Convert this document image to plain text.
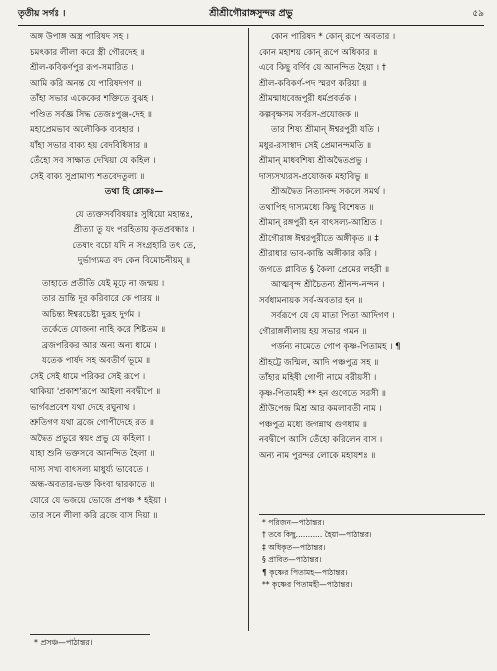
তৃতীয় সর্গঃ ।	শ্রীশ্রীগৌরাঙ্গসুন্দর প্রভু	৫৯
অঙ্গ উপাঙ্গ অস্ত্র পারিষদ সহ ।
চমৎকার লীলা করে স্ত্রী গৌরদেহ ॥
শ্রীল-কবিকর্ণপুর রূপ-সমারিত ।
আমি করি অনন্ত যে পারিষদগণ ॥
তাঁহা সভার একেকের শক্তিতে বুঝহ ।
পণ্ডিত সর্বজ্ঞ সিদ্ধ তেজঃপুঞ্জ-দেহ ॥
মহাপ্রেমভাব অলৌকিক ব্যবহার ।
যাঁহা সভার বাক্য হয় বেদবিধিসার ॥
তেঁহো সব সাক্ষাত দেখিয়া যে কহিল ।
সেই বাক্য সুপ্রামাণ্য শতবেদতুল্য ॥
তথা হি শ্লোকঃ—
যে ত্যক্তসর্ববিষয়াঃ সুধিয়ো মহান্তঃ,
প্রীত্যা তু যং পরহিতায় কৃতপ্রবন্ধাঃ ।
তেষাং বচো যদি ন সংগ্রহারি তৎ তে,
দুর্ভাগ্যমত্র বদ কেন বিমোচনীয়ম্ ॥
তাহাতে প্রতীতি যেই মূঢ়ে না জন্ময় ।
তার ভ্রান্তি দূর করিবারে কে পারয় ॥
অচিন্ত্য ঈশ্বরচেষ্টা দুরূহ দুর্গম ।
তর্কেতে যোজনা নাহি করে শিষ্টতম ॥
ব্রজপরিকর আর অন্য অন্য ধামে ।
যতেক পার্ষদ সহ অবতীর্ণ ভূমে ॥
সেই সেই ধামে পরিকর সেই রূপে ।
থাকিয়া 'প্রকাশ'রূপে আইলা নবদ্বীপে ॥
ভার্গবপ্রবেশ যথা দেহে রঘুনাথ ।
শ্রুতিগণ যথা ব্রজে গোপীদেহে রত ॥
অদ্বৈত প্রভুরে স্বয়ং প্রভু যে কহিলা ।
যাহা শুনি ভক্তসবে আনন্দিত হৈলা ॥
দাস্য সখ্য বাৎসল্য মাধুর্য্য ভাবেতে ।
অন্ধ-অবতার-ভক্ত কিংবা দ্বারকাতে ॥
যোরে যে ভজয়ে ভোজে প্রপঞ্চ * হইয়া ।
তার সনে লীলা করি ব্রজে বাস দিয়া ॥
কোন পারিষদ * কোন্ রূপে অবতার ।
কোন মহাশয় কোন্ রূপে অধিকার ॥
এবে কিছু বর্ণিব যে আনন্দিত হৈয়া । †
শ্রীল-কবিকর্ণ-পদ স্মরণ করিয়া ॥
শ্রীমন্মাধবেন্দ্রপুরী ধর্মপ্রবর্তক ।
কল্পবৃক্ষসম সর্বরস-প্রযোজক ॥
তার শিষ্য শ্রীমান্ ঈশ্বরপুরী যতি ।
মধুর-রসাস্বাদ সেই প্রেমানন্দমতি ॥
শ্রীমান্ মাধবশিষ্য শ্রীঅদ্বৈতপ্রভু ।
দাস্যসখ্যরস-প্রযোজক মহাবিভু ॥
শ্রীঅদ্বৈত নিত্যানন্দ সকলে সমর্থ ।
তথাপিহ দাস্যমধ্যে কিছু বিশেষত ॥
শ্রীমান্ রঙ্গপুরী হন বাৎসল্য-আশ্রিত ।
শ্রীগৌরাঙ্গ ঈশ্বরপুরীতে অঙ্গীকৃত ॥ ‡
শ্রীরাধার ভাব-কান্তি অঙ্গীকার করি ।
জগতে প্লাবিত § কৈলা প্রেমের লহরী ॥
আত্মবৃন্দ শ্রীচৈতন্য শ্রীনন্দ-নন্দন ।
সর্বধামনায়ক সর্ব-অবতার হন ॥
সর্বরূপে যে যে মাতা পিতা আদিগণ ।
গৌরাঙ্গলীলায় হয় সভার গমন ॥
পর্জন্য নামেতে গোপ কৃষ্ণ-পিতামহ । ¶
শ্রীহট্টে জন্মিল, আদি পঞ্চপুত্র সহ ॥
তাঁহার মহিষী গোপী নামে বরীয়সী ।
কৃষ্ণ-পিতামহী ** হন গুণেতে সরসী ॥
শ্রীউপেন্দ্র মিশ্র আর কমলাবতী নাম ।
পঞ্চপুত্র মধ্যে জগন্নাথ গুণধাম ॥
নবদ্বীপে আসি তেঁহো করিলেন বাস ।
অন্য নাম পুরন্দর লোকে মহাযশঃ ॥
* প্রসঞ্চ—পাঠান্তর।
* পরিজন—পাঠান্তর।
† তবে কিছু........... হৈয়া—পাঠান্তর।
‡ অধিকৃত—পাঠান্তর।
§ প্রাবিত—পাঠান্তর।
¶ কৃষ্ণের পিতামহ—পাঠান্তর।
** কৃষ্ণের পিতামহী—পাঠান্তর।
